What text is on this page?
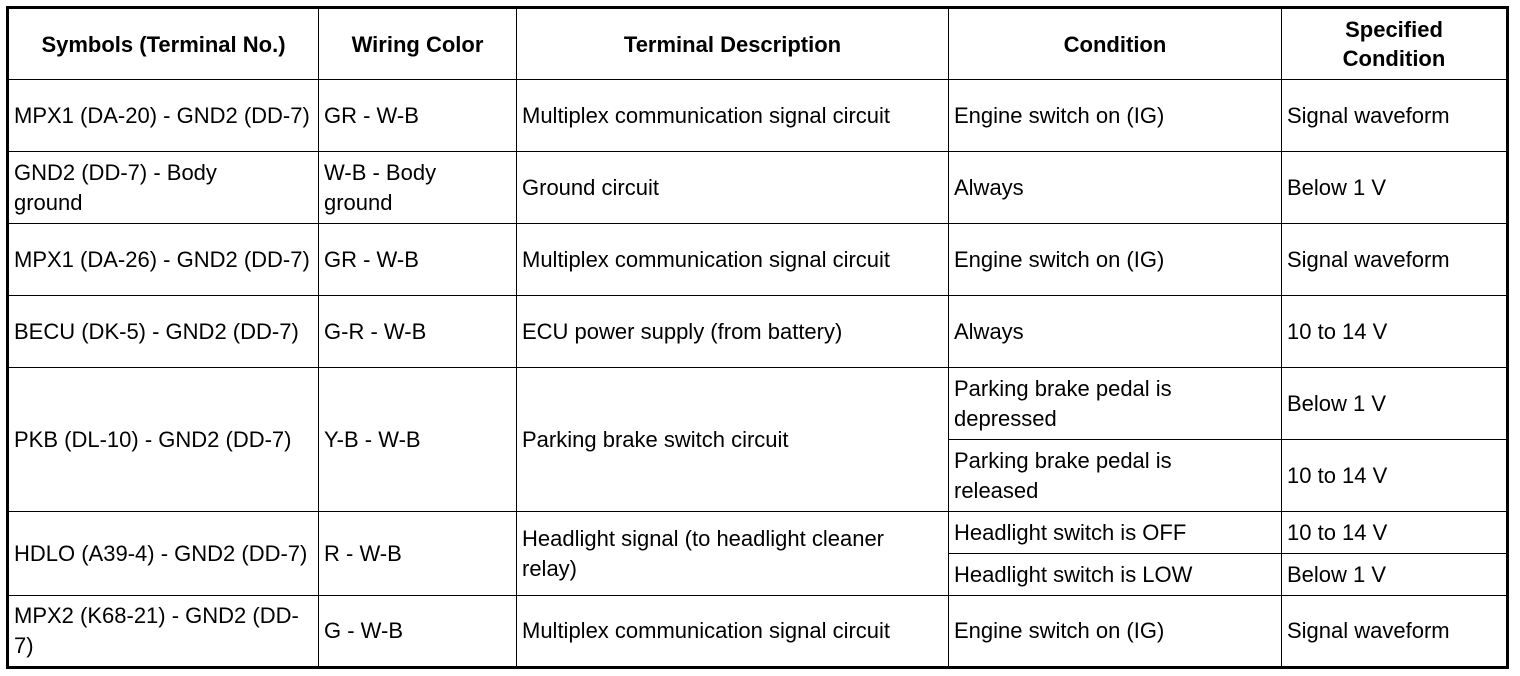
Symbols (Terminal No.)	Wiring Color	Terminal Description	Condition	Specified Condition
MPX1 (DA-20) - GND2 (DD-7)	GR - W-B	Multiplex communication signal circuit	Engine switch on (IG)	Signal waveform
GND2 (DD-7) - Body ground	W-B - Body ground	Ground circuit	Always	Below 1 V
MPX1 (DA-26) - GND2 (DD-7)	GR - W-B	Multiplex communication signal circuit	Engine switch on (IG)	Signal waveform
BECU (DK-5) - GND2 (DD-7)	G-R - W-B	ECU power supply (from battery)	Always	10 to 14 V
PKB (DL-10) - GND2 (DD-7)	Y-B - W-B	Parking brake switch circuit	Parking brake pedal is depressed	Below 1 V
			Parking brake pedal is released	10 to 14 V
HDLO (A39-4) - GND2 (DD-7)	R - W-B	Headlight signal (to headlight cleaner relay)	Headlight switch is OFF	10 to 14 V
			Headlight switch is LOW	Below 1 V
MPX2 (K68-21) - GND2 (DD-7)	G - W-B	Multiplex communication signal circuit	Engine switch on (IG)	Signal waveform
